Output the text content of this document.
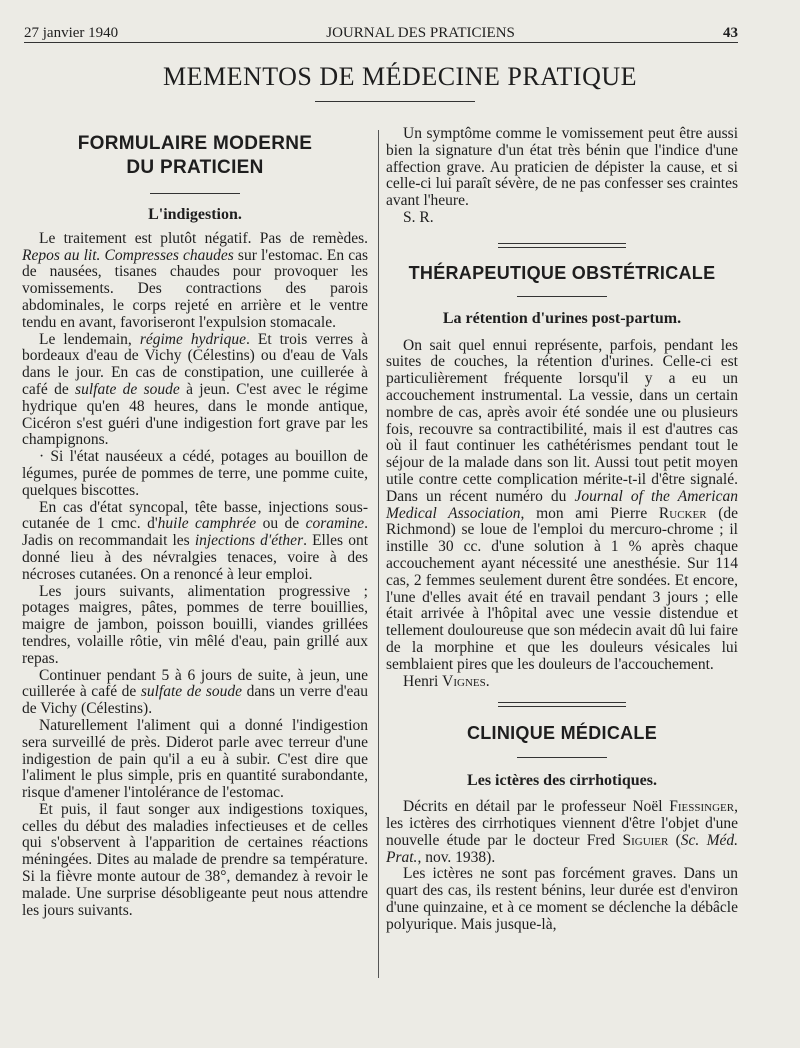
27 janvier 1940	JOURNAL DES PRATICIENS	43
MEMENTOS DE MÉDECINE PRATIQUE
FORMULAIRE MODERNE
DU PRATICIEN
L'indigestion.

Le traitement est plutôt négatif. Pas de remèdes. Repos au lit. Compresses chaudes sur l'estomac. En cas de nausées, tisanes chaudes pour provoquer les vomissements. Des contractions des parois abdominales, le corps rejeté en arrière et le ventre tendu en avant, favoriseront l'expulsion stomacale.

Le lendemain, régime hydrique. Et trois verres à bordeaux d'eau de Vichy (Célestins) ou d'eau de Vals dans le jour. En cas de constipation, une cuillerée à café de sulfate de soude à jeun. C'est avec le régime hydrique qu'en 48 heures, dans le monde antique, Cicéron s'est guéri d'une indigestion fort grave par les champignons.

· Si l'état nauséeux a cédé, potages au bouillon de légumes, purée de pommes de terre, une pomme cuite, quelques biscottes.

En cas d'état syncopal, tête basse, injections sous-cutanée de 1 cmc. d'huile camphrée ou de coramine. Jadis on recommandait les injections d'éther. Elles ont donné lieu à des névralgies tenaces, voire à des nécroses cutanées. On a renoncé à leur emploi.

Les jours suivants, alimentation progressive ; potages maigres, pâtes, pommes de terre bouillies, maigre de jambon, poisson bouilli, viandes grillées tendres, volaille rôtie, vin mêlé d'eau, pain grillé aux repas.

Continuer pendant 5 à 6 jours de suite, à jeun, une cuillerée à café de sulfate de soude dans un verre d'eau de Vichy (Célestins).

Naturellement l'aliment qui a donné l'indigestion sera surveillé de près. Diderot parle avec terreur d'une indigestion de pain qu'il a eu à subir. C'est dire que l'aliment le plus simple, pris en quantité surabondante, risque d'amener l'intolérance de l'estomac.

Et puis, il faut songer aux indigestions toxiques, celles du début des maladies infectieuses et de celles qui s'observent à l'apparition de certaines réactions méningées. Dites au malade de prendre sa température. Si la fièvre monte autour de 38°, demandez à revoir le malade. Une surprise désobligeante peut nous attendre les jours suivants.

Un symptôme comme le vomissement peut être aussi bien la signature d'un état très bénin que l'indice d'une affection grave. Au praticien de dépister la cause, et si celle-ci lui paraît sévère, de ne pas confesser ses craintes avant l'heure.

S. R.

THÉRAPEUTIQUE OBSTÉTRICALE
La rétention d'urines post-partum.

On sait quel ennui représente, parfois, pendant les suites de couches, la rétention d'urines. Celle-ci est particulièrement fréquente lorsqu'il y a eu un accouchement instrumental. La vessie, dans un certain nombre de cas, après avoir été sondée une ou plusieurs fois, recouvre sa contractibilité, mais il est d'autres cas où il faut continuer les cathétérismes pendant tout le séjour de la malade dans son lit. Aussi tout petit moyen utile contre cette complication mérite-t-il d'être signalé. Dans un récent numéro du Journal of the American Medical Association, mon ami Pierre Rucker (de Richmond) se loue de l'emploi du mercuro-chrome ; il instille 30 cc. d'une solution à 1 % après chaque accouchement ayant nécessité une anesthésie. Sur 114 cas, 2 femmes seulement durent être sondées. Et encore, l'une d'elles avait été en travail pendant 3 jours ; elle était arrivée à l'hôpital avec une vessie distendue et tellement douloureuse que son médecin avait dû lui faire de la morphine et que les douleurs vésicales lui semblaient pires que les douleurs de l'accouchement.

Henri Vignes.

CLINIQUE MÉDICALE
Les ictères des cirrhotiques.

Décrits en détail par le professeur Noël Fiessinger, les ictères des cirrhotiques viennent d'être l'objet d'une nouvelle étude par le docteur Fred Siguier (Sc. Méd. Prat., nov. 1938).

Les ictères ne sont pas forcément graves. Dans un quart des cas, ils restent bénins, leur durée est d'environ d'une quinzaine, et à ce moment se déclenche la débâcle polyurique. Mais jusque-là,
